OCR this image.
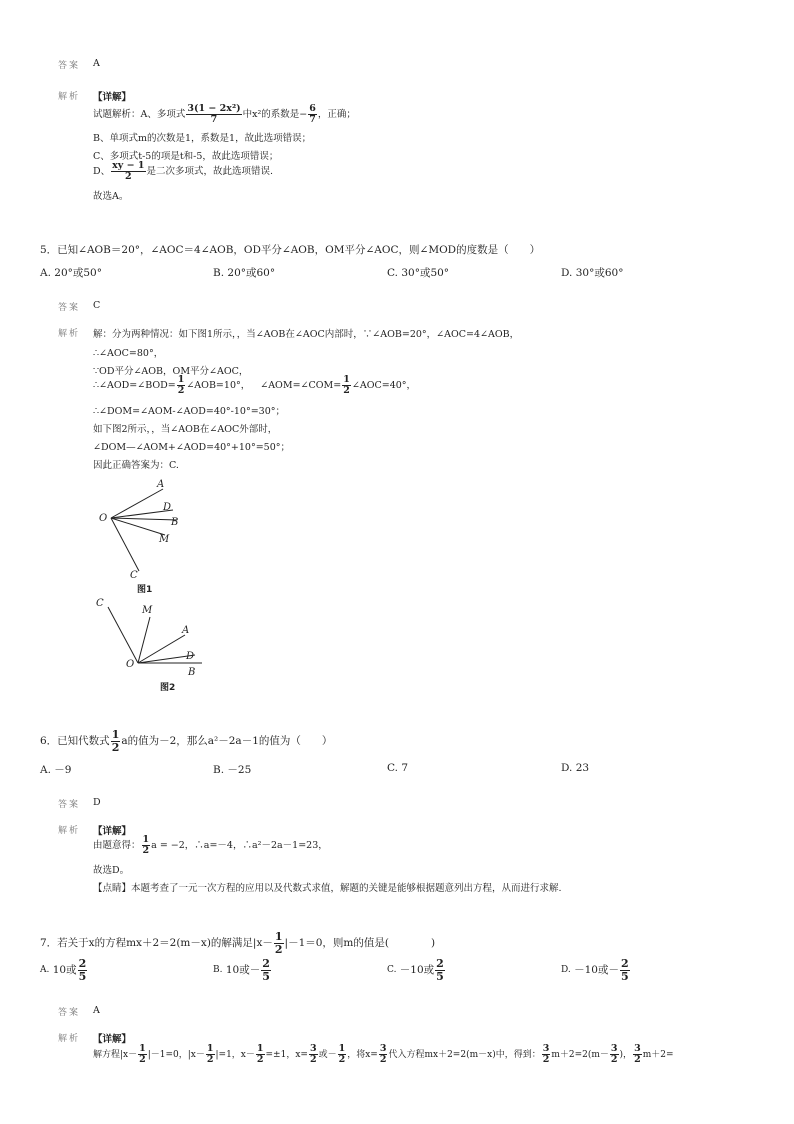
答案 A
解析 【详解】
试题解析：A、多项式 $\frac{\text{3(1 − 2x²)}}{7}$ 中x²的系数是− $\frac{6}{7}$ ，正确；
B、单项式m的次数是1，系数是1，故此选项错误；
C、多项式t-5的项是t和-5，故此选项错误；
D、 $\frac{xy - 1}{2}$ 是二次多项式，故此选项错误.
故选A。
5．已知∠AOB＝20°，∠AOC＝4∠AOB，OD平分∠AOB，OM平分∠AOC，则∠MOD的度数是（　　）
A. 20°或50°	B. 20°或60°	C. 30°或50°	D. 30°或60°
答案 C
解析 解：分为两种情况：如下图1所示，，当∠AOB在∠AOC内部时，∵∠AOB=20°，∠AOC=4∠AOB，
∴∠AOC=80°，
∵OD平分∠AOB，OM平分∠AOC，
∴∠AOD=∠BOD= $\frac{1}{2}$ ∠AOB=10°， ∠AOM=∠COM= $\frac{1}{2}$ ∠AOC=40°，
∴∠DOM=∠AOM-∠AOD=40°-10°=30°；
如下图2所示，，当∠AOB在∠AOC外部时，
∠DOM—∠AOM+∠AOD=40°+10°=50°；
因此正确答案为：C.
O
A
D
B
M
C
图1
O
A
D
B
M
C
图2
6．已知代数式 $\frac{1}{2}$ a的值为－2，那么a²－2a－1的值为（　　）
A. －9	B. －25	C. 7	D. 23
答案 D
解析 【详解】
由题意得： $\frac{1}{2}$ a = −2，∴a=－4，∴a²－2a－1=23，
故选D。
【点睛】本题考查了一元一次方程的应用以及代数式求值，解题的关键是能够根据题意列出方程，从而进行求解.
7．若关于x的方程mx＋2＝2(m－x)的解满足$|x- \frac{1}{2} |-1=0$，则m的值是(　　　　)
A. 10或 $\frac{2}{5}$	B. 10或－ $\frac{2}{5}$	C. －10或 $\frac{2}{5}$	D. －10或－ $\frac{2}{5}$
答案 A
解析 【详解】
解方程$|x- \frac{1}{2} |-1=0$，$|x- \frac{1}{2} |=1$，$x- \frac{1}{2} =\pm 1$，$x= \frac{3}{2}$ 或－ $\frac{1}{2}$ ，将$x= \frac{3}{2}$ 代入方程mx＋2=2(m－x)中，得到： $\frac{3}{2} m+2=2(m- \frac{3}{2}$ )， $\frac{3}{2} m+2=$
